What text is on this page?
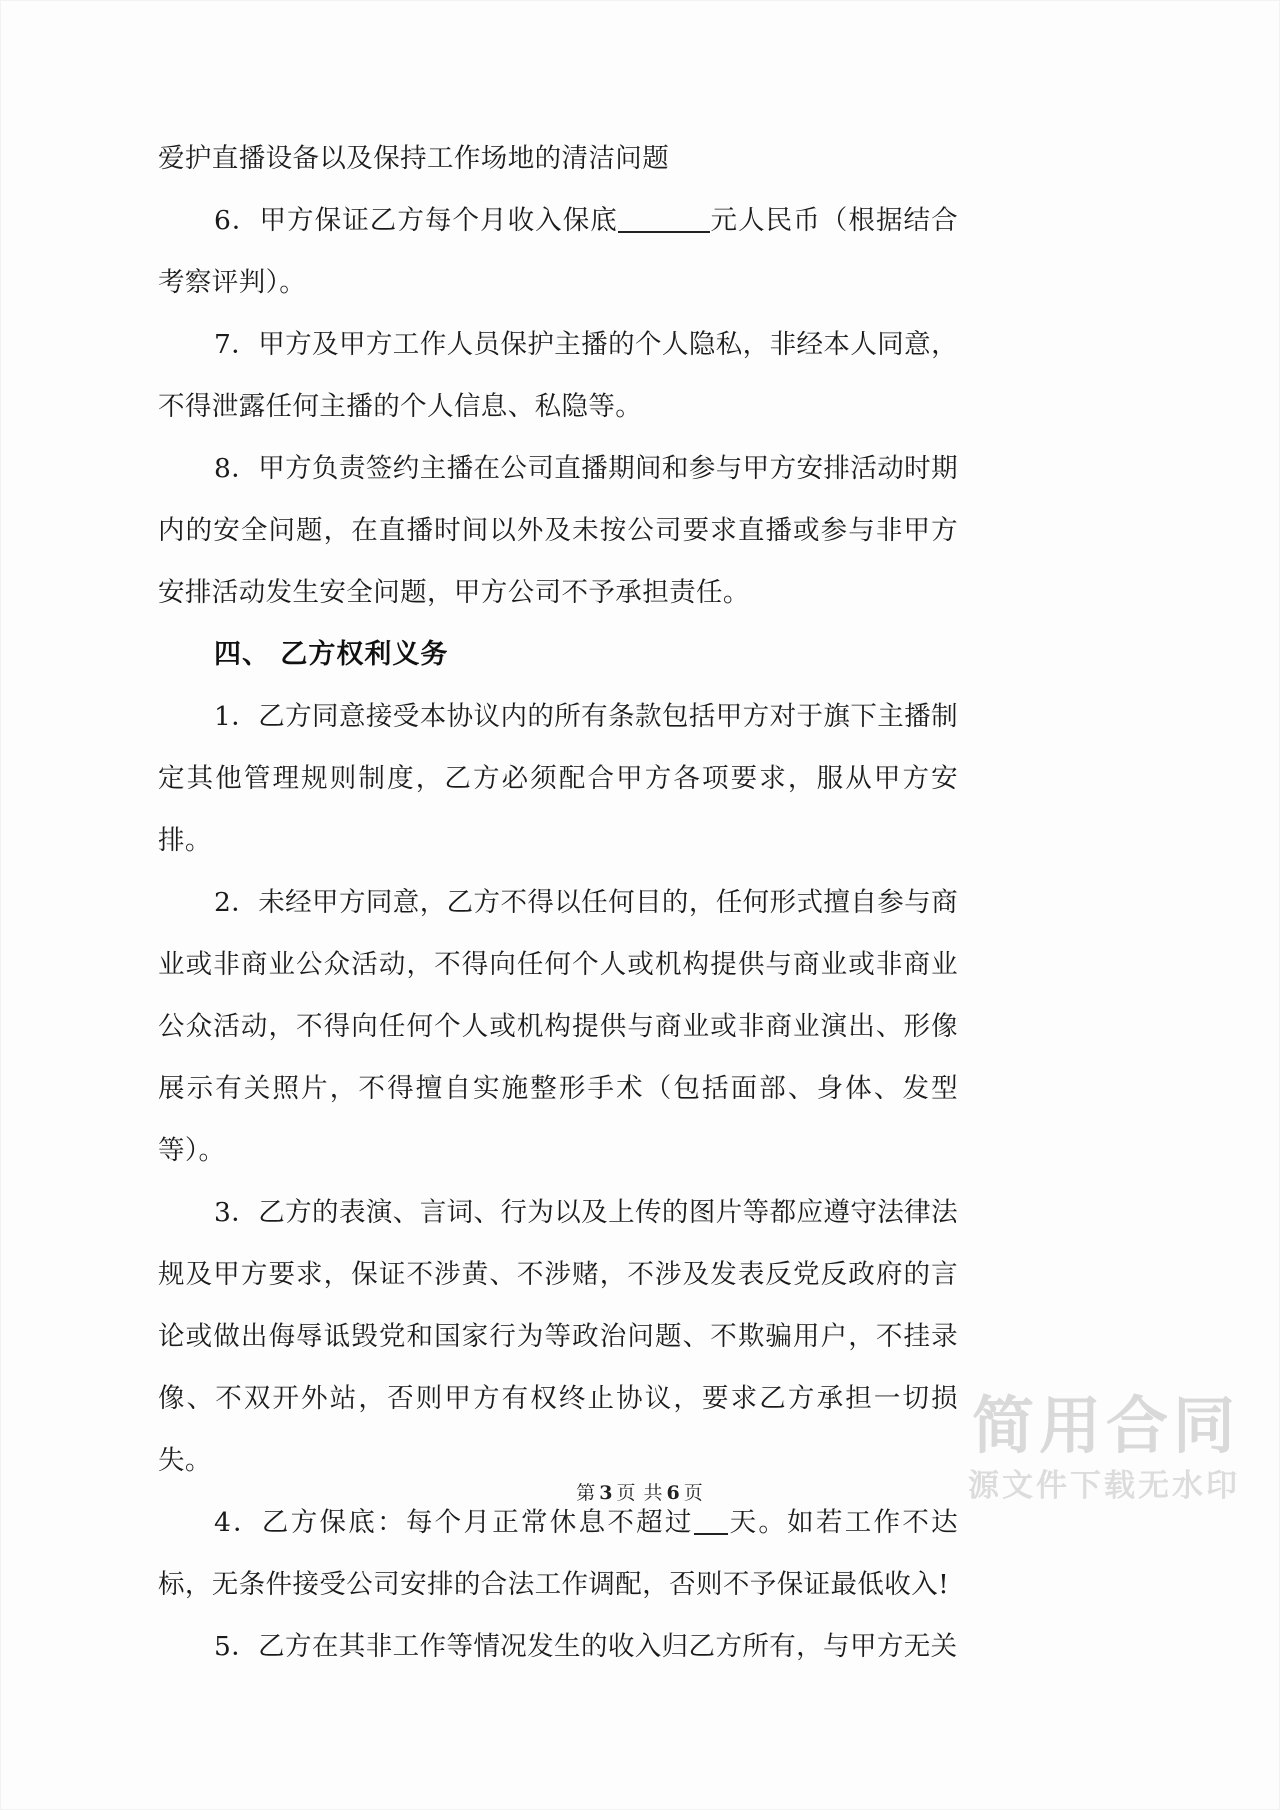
爱护直播设备以及保持工作场地的清洁问题

6．甲方保证乙方每个月收入保底	元人民币（根据结合考察评判）。

7．甲方及甲方工作人员保护主播的个人隐私，非经本人同意，不得泄露任何主播的个人信息、私隐等。

8．甲方负责签约主播在公司直播期间和参与甲方安排活动时期内的安全问题，在直播时间以外及未按公司要求直播或参与非甲方安排活动发生安全问题，甲方公司不予承担责任。

四、 乙方权利义务

1．乙方同意接受本协议内的所有条款包括甲方对于旗下主播制定其他管理规则制度，乙方必须配合甲方各项要求，服从甲方安排。

2．未经甲方同意，乙方不得以任何目的，任何形式擅自参与商业或非商业公众活动，不得向任何个人或机构提供与商业或非商业公众活动，不得向任何个人或机构提供与商业或非商业演出、形像展示有关照片，不得擅自实施整形手术（包括面部、身体、发型等）。

3．乙方的表演、言词、行为以及上传的图片等都应遵守法律法规及甲方要求，保证不涉黄、不涉赌，不涉及发表反党反政府的言论或做出侮辱诋毁党和国家行为等政治问题、不欺骗用户，不挂录像、不双开外站，否则甲方有权终止协议，要求乙方承担一切损失。

4．乙方保底：每个月正常休息不超过 天。如若工作不达标，无条件接受公司安排的合法工作调配，否则不予保证最低收入!

5．乙方在其非工作等情况发生的收入归乙方所有，与甲方无关

简用合同
源文件下载无水印
第 3 页 共 6 页
